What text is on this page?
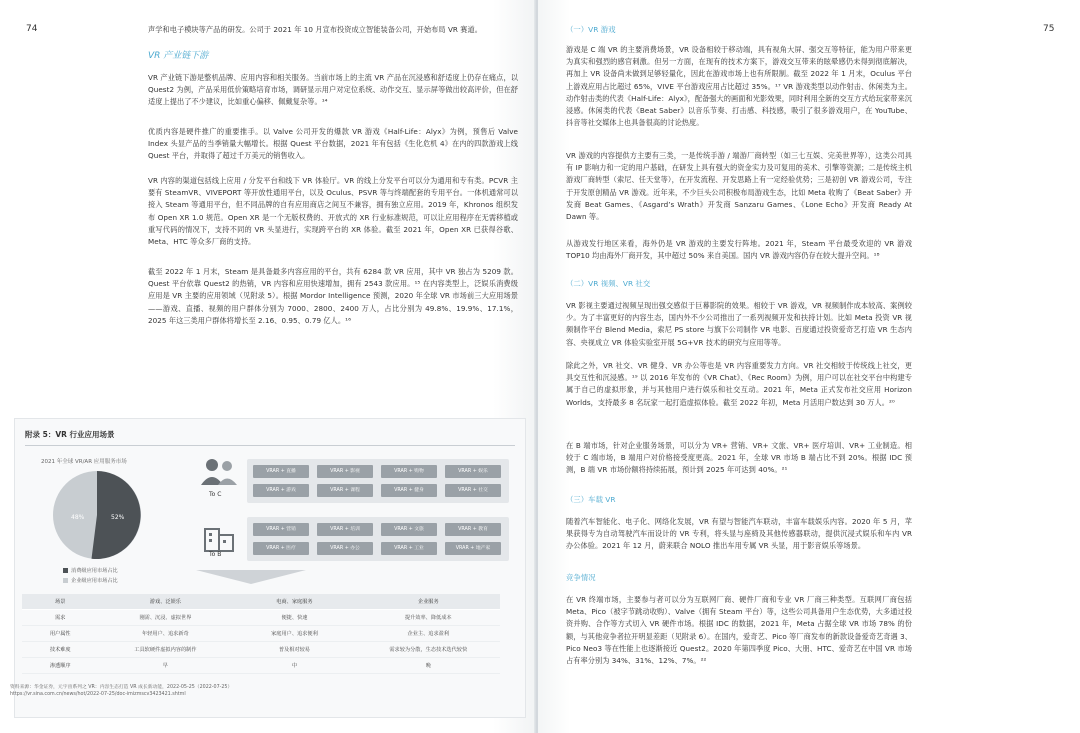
74	声学和电子模块等产品的研发。公司于 2021 年 10 月宣布投资成立智能装备公司，开始布局 VR 赛道。

VR 产业链下游

VR 产业链下游是整机品牌、应用内容和相关服务。当前市场上的主流 VR 产品在沉浸感和舒适度上仍存在痛点，以 Quest2 为例，产品采用低价策略培育市场，调研显示用户对定位系统、动作交互、显示屏等做出较高评价，但在舒适度上提出了不少建议，比如重心偏移、佩戴复杂等。¹⁴

优质内容是硬件推广的重要推手。以 Valve 公司开发的爆款 VR 游戏《Half-Life：Alyx》为例，预售后 Valve Index 头显产品的当季销量大幅增长。根据 Quest 平台数据，2021 年有包括《生化危机 4》在内的四款游戏上线 Quest 平台，并取得了超过千万美元的销售收入。

VR 内容的渠道包括线上应用 / 分发平台和线下 VR 体验厅。VR 的线上分发平台可以分为通用和专有类。PCVR 主要有 SteamVR、VIVEPORT 等开放性通用平台，以及 Oculus、PSVR 等与终端配套的专用平台。一体机通常可以接入 Steam 等通用平台，但不同品牌的自有应用商店之间互不兼容，拥有独立应用。2019 年，Khronos 组织发布 Open XR 1.0 规范。Open XR 是一个无版权费的、开放式的 XR 行业标准规范，可以让应用程序在无需移植或重写代码的情况下，支持不同的 VR 头显进行，实现跨平台的 XR 体验。截至 2021 年，Open XR 已获得谷歌、Meta、HTC 等众多厂商的支持。

截至 2022 年 1 月末，Steam 是具备最多内容应用的平台，共有 6284 款 VR 应用，其中 VR 独占为 5209 款。Quest 平台依靠 Quest2 的热销，VR 内容和应用快速增加，拥有 2543 款应用。¹⁵ 在内容类型上，泛娱乐消费级应用是 VR 主要的应用领域（见附录 5）。根据 Mordor Intelligence 预测，2020 年全球 VR 市场前三大应用场景——游戏、直播、视频的用户群体分别为 7000、2800、2400 万人，占比分别为 49.8%、19.9%、17.1%，2025 年这三类用户群体将增长至 2.16、0.95、0.79 亿人。¹⁶

附录 5：VR 行业应用场景
2021 年全球 VR/AR 应用服务市场
48%	52%
消费级应用市场占比
企业级应用市场占比
To C
VRAR + 直播	VRAR + 影视	VRAR + 购物	VRAR + 娱乐
VRAR + 游戏	VRAR + 课程	VRAR + 健身	VRAR + 社交
To B
VRAR + 营销	VRAR + 培训	VRAR + 文旅	VRAR + 教育
VRAR + 医疗	VRAR + 办公	VRAR + 工业	VRAR + 地产家
场景	游戏、泛娱乐	电商、家庭服务	企业服务
需求	刚需、沉浸、虚拟世界	便捷、快速	提升效率、降低成本
用户属性	年轻用户、追求新奇	家庭用户、追求便利	企业主、追求盈利
技术难度	工具软硬件虚拟内容的制作	普及相对较易	需求较为分散，生态技术迭代较快
渗透顺序	早	中	晚
资料来源：华金证券，元宇宙系列之 VR：内容生态打造 VR 成长新动能，2022-05-25（2022-07-25）https://vr.sina.com.cn/news/hot/2022-07-25/doc-imizmscv3423421.shtml
（一）VR 游戏	75

游戏是 C 端 VR 的主要消费场景，VR 设备相较于移动端，具有视角大屏、强交互等特征，能为用户带来更为真实和强烈的感官刺激。但另一方面，在现有的技术方案下，游戏交互带来的眩晕感仍未得到彻底解决，再加上 VR 设备尚未做到足够轻量化，因此在游戏市场上也有所限制。截至 2022 年 1 月末，Oculus 平台上游戏应用占比超过 65%，VIVE 平台游戏应用占比超过 35%。¹⁷ VR 游戏类型以动作射击、休闲类为主。动作射击类的代表《Half-Life：Alyx》，配备强大的画面和光影效果，同时利用全新的交互方式给玩家带来沉浸感。休闲类的代表《Beat Saber》以音乐节奏、打击感、科技感，吸引了很多游戏用户，在 YouTube、抖音等社交媒体上也具备很高的讨论热度。

VR 游戏的内容提供方主要有三类，一是传统手游 / 端游厂商转型（如三七互娱、完美世界等），这类公司具有 IP 影响力和一定的用户基础，在研发上具有强大的资金实力及可复用的美术、引擎等资源；二是传统主机游戏厂商转型（索尼、任天堂等），在开发流程、开发思路上有一定经验优势；三是初创 VR 游戏公司，专注于开发原创精品 VR 游戏。近年来，不少巨头公司积极布局游戏生态，比如 Meta 收购了《Beat Saber》开发商 Beat Games、《Asgard’s Wrath》开发商 Sanzaru Games、《Lone Echo》开发商 Ready At Dawn 等。

从游戏发行地区来看，海外仍是 VR 游戏的主要发行阵地。2021 年，Steam 平台最受欢迎的 VR 游戏 TOP10 均由海外厂商开发，其中超过 50% 来自美国。国内 VR 游戏内容仍存在较大提升空间。¹⁸

（二）VR 视频、VR 社交

VR 影视主要通过视频呈现出强交感似于巨幕影院的效果。相较于 VR 游戏，VR 视频制作成本较高、案例较少。为了丰富更好的内容生态，国内外不少公司推出了一系列视频开发和扶持计划。比如 Meta 投资 VR 视频制作平台 Blend Media，索尼 PS store 与旗下公司制作 VR 电影、百度通过投资爱奇艺打造 VR 生态内容、央视成立 VR 体验实验室开展 5G+VR 技术的研究与应用等等。

除此之外，VR 社交、VR 健身、VR 办公等也是 VR 内容重要发力方向。VR 社交相较于传统线上社交，更具交互性和沉浸感。¹⁹ 以 2016 年发布的《VR Chat》、《Rec Room》为例，用户可以在社交平台中构建专属于自己的虚拟形象，并与其他用户进行娱乐和社交互动。2021 年，Meta 正式发布社交应用 Horizon Worlds，支持最多 8 名玩家一起打造虚拟体验。截至 2022 年初，Meta 月活用户数达到 30 万人。²⁰

在 B 端市场，针对企业服务场景，可以分为 VR+ 营销、VR+ 文旅、VR+ 医疗培训、VR+ 工业制造。相较于 C 端市场，B 端用户对价格接受度更高。2021 年，全球 VR 市场 B 端占比不到 20%。根据 IDC 预测，B 端 VR 市场份额将持续拓展，预计到 2025 年可达到 40%。²¹

（三）车载 VR

随着汽车智能化、电子化、网络化发展，VR 有望与智能汽车联动，丰富车载娱乐内容。2020 年 5 月，苹果获得专为自动驾驶汽车而设计的 VR 专利，将头显与座椅及其他传感器联动，提供沉浸式娱乐和车内 VR 办公体验。2021 年 12 月，蔚来联合 NOLO 推出车用专属 VR 头显，用于影音娱乐等场景。

竞争情况

在 VR 终端市场，主要参与者可以分为互联网厂商、硬件厂商和专业 VR 厂商三种类型。互联网厂商包括 Meta、Pico（被字节跳动收购）、Valve（拥有 Steam 平台）等，这些公司具备用户生态优势，大多通过投资并购、合作等方式切入 VR 硬件市场。根据 IDC 的数据，2021 年，Meta 占据全球 VR 市场 78% 的份额，与其他竞争者拉开明显差距（见附录 6）。在国内，爱奇艺、Pico 等厂商发布的新款设备爱奇艺奇遇 3、Pico Neo3 等在性能上也逐渐接近 Quest2。2020 年第四季度 Pico、大朋、HTC、爱奇艺在中国 VR 市场占有率分别为 34%、31%、12%、7%。²²
